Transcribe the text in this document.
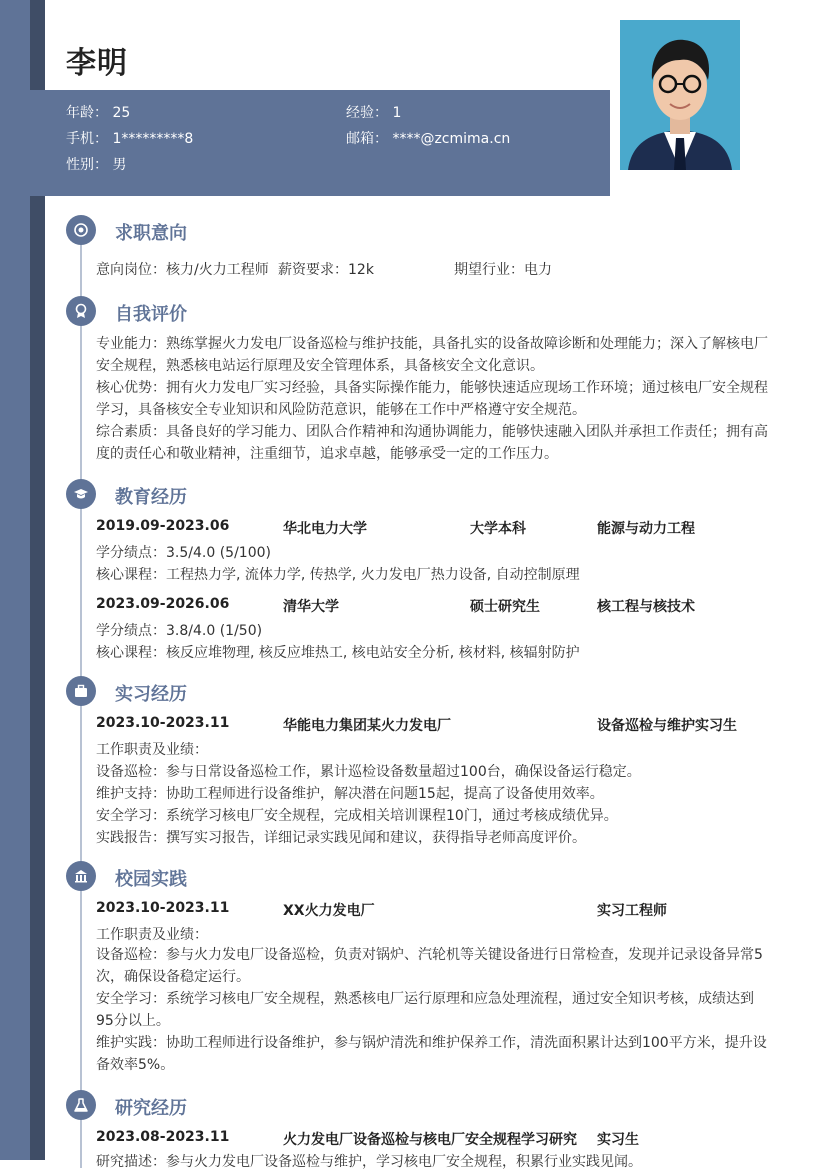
李明
年龄： 25	经验： 1
手机： 1*********8	邮箱： ****@zcmima.cn
性别： 男
求职意向
意向岗位：核力/火力工程师 薪资要求：12k	期望行业：电力
自我评价
专业能力：熟练掌握火力发电厂设备巡检与维护技能，具备扎实的设备故障诊断和处理能力；深入了解核电厂安全规程，熟悉核电站运行原理及安全管理体系，具备核安全文化意识。
核心优势：拥有火力发电厂实习经验，具备实际操作能力，能够快速适应现场工作环境；通过核电厂安全规程学习，具备核安全专业知识和风险防范意识，能够在工作中严格遵守安全规范。
综合素质：具备良好的学习能力、团队合作精神和沟通协调能力，能够快速融入团队并承担工作责任；拥有高度的责任心和敬业精神，注重细节，追求卓越，能够承受一定的工作压力。
教育经历
2019.09-2023.06	华北电力大学	大学本科	能源与动力工程
学分绩点：3.5/4.0 (5/100)
核心课程：工程热力学, 流体力学, 传热学, 火力发电厂热力设备, 自动控制原理
2023.09-2026.06	清华大学	硕士研究生	核工程与核技术
学分绩点：3.8/4.0 (1/50)
核心课程：核反应堆物理, 核反应堆热工, 核电站安全分析, 核材料, 核辐射防护
实习经历
2023.10-2023.11	华能电力集团某火力发电厂	设备巡检与维护实习生
工作职责及业绩：
设备巡检：参与日常设备巡检工作，累计巡检设备数量超过100台，确保设备运行稳定。
维护支持：协助工程师进行设备维护，解决潜在问题15起，提高了设备使用效率。
安全学习：系统学习核电厂安全规程，完成相关培训课程10门，通过考核成绩优异。
实践报告：撰写实习报告，详细记录实践见闻和建议，获得指导老师高度评价。
校园实践
2023.10-2023.11	XX火力发电厂	实习工程师
工作职责及业绩：
设备巡检：参与火力发电厂设备巡检，负责对锅炉、汽轮机等关键设备进行日常检查，发现并记录设备异常5次，确保设备稳定运行。
安全学习：系统学习核电厂安全规程，熟悉核电厂运行原理和应急处理流程，通过安全知识考核，成绩达到95分以上。
维护实践：协助工程师进行设备维护，参与锅炉清洗和维护保养工作，清洗面积累计达到100平方米，提升设备效率5%。
研究经历
2023.08-2023.11	火力发电厂设备巡检与核电厂安全规程学习研究 实习生
研究描述：参与火力发电厂设备巡检与维护，学习核电厂安全规程，积累行业实践见闻。
